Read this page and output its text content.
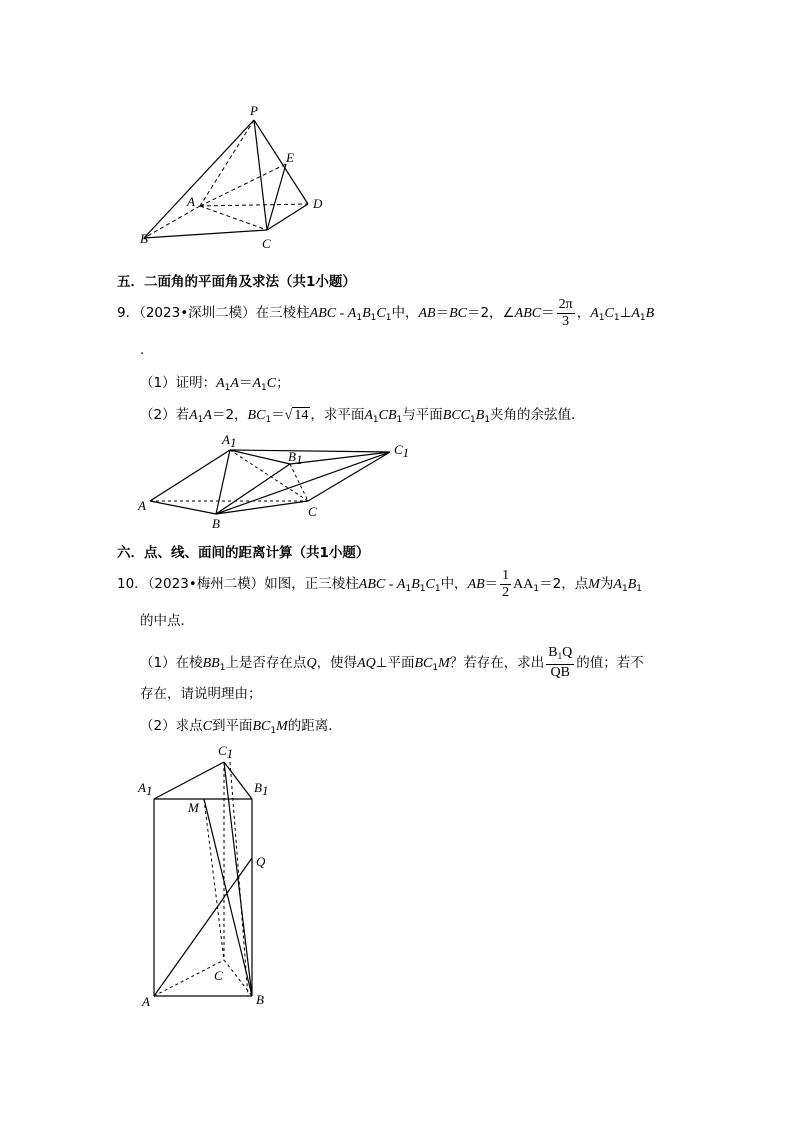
P
E
A	D
B	C
五．二面角的平面角及求法（共1小题）
9．（2023•深圳二模）在三棱柱ABC - $A_1B_1C_1$中，AB＝BC＝2，∠ABC＝ $\frac{2\pi}{3}$ ，$A_1C_1\perp A_1B$
.
（1）证明：$A_1A=A_1C$；
（2）若$A_1A=2$，$BC_1=√$ 14 ，求平面$A_1CB_1$与平面$BCC_1B_1$夹角的余弦值.
A1
B1
C1
A
B
C
六．点、线、面间的距离计算（共1小题）
10．（2023•梅州二模）如图，正三棱柱ABC - $A_1B_1C_1$中，$AB= \frac{1}{2} AA_1=2$，点M为$A_1B_1$
的中点．
（1）在棱$BB_1$上是否存在点Q，使得AQ⊥平面$BC_1M$？若存在，求出 $\frac{B_1Q}{QB}$ 的值；若不
存在，请说明理由；
（2）求点C到平面$BC_1M$的距离．
C1
A1	B1
M
Q
C
A	B
